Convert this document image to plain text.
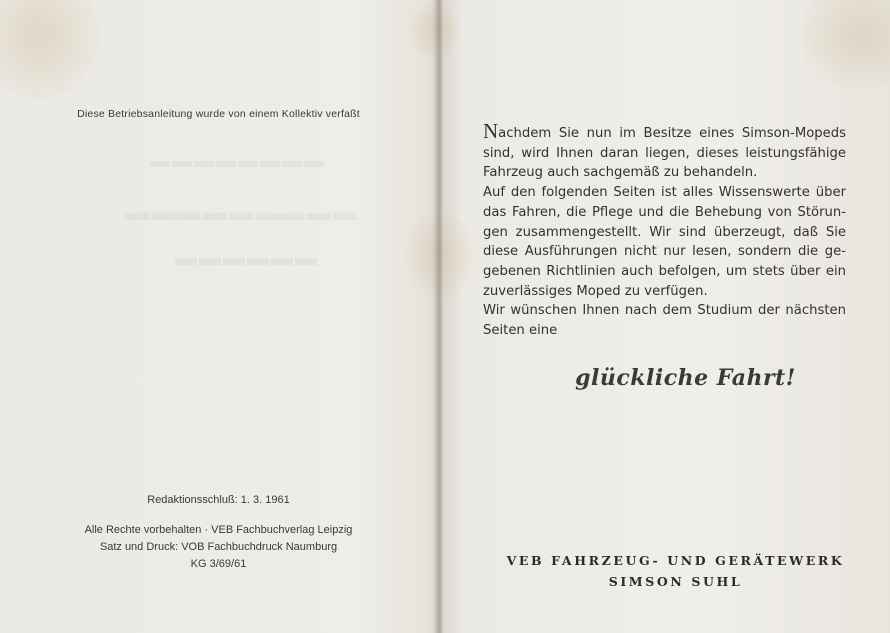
▬▬▬▬▬▬▬▬
▬▬▬▬▬▬▬▬▬
▬▬▬▬▬▬
Diese Betriebsanleitung wurde von einem Kollektiv verfaßt
Redaktionsschluß: 1. 3. 1961
Alle Rechte vorbehalten · VEB Fachbuchverlag Leipzig
Satz und Druck: VOB Fachbuchdruck Naumburg
KG 3/69/61

Nachdem Sie nun im Besitze eines Simson-Mopeds

sind, wird Ihnen daran liegen, dieses leistungsfähige

Fahrzeug auch sachgemäß zu behandeln.

Auf den folgenden Seiten ist alles Wissenswerte über

das Fahren, die Pflege und die Behebung von Störun-

gen zusammengestellt. Wir sind überzeugt, daß Sie

diese Ausführungen nicht nur lesen, sondern die ge-

gebenen Richtlinien auch befolgen, um stets über ein

zuverlässiges Moped zu verfügen.

Wir wünschen Ihnen nach dem Studium der nächsten

Seiten eine

glückliche Fahrt!
VEB FAHRZEUG- UND GERÄTEWERK
SIMSON SUHL
